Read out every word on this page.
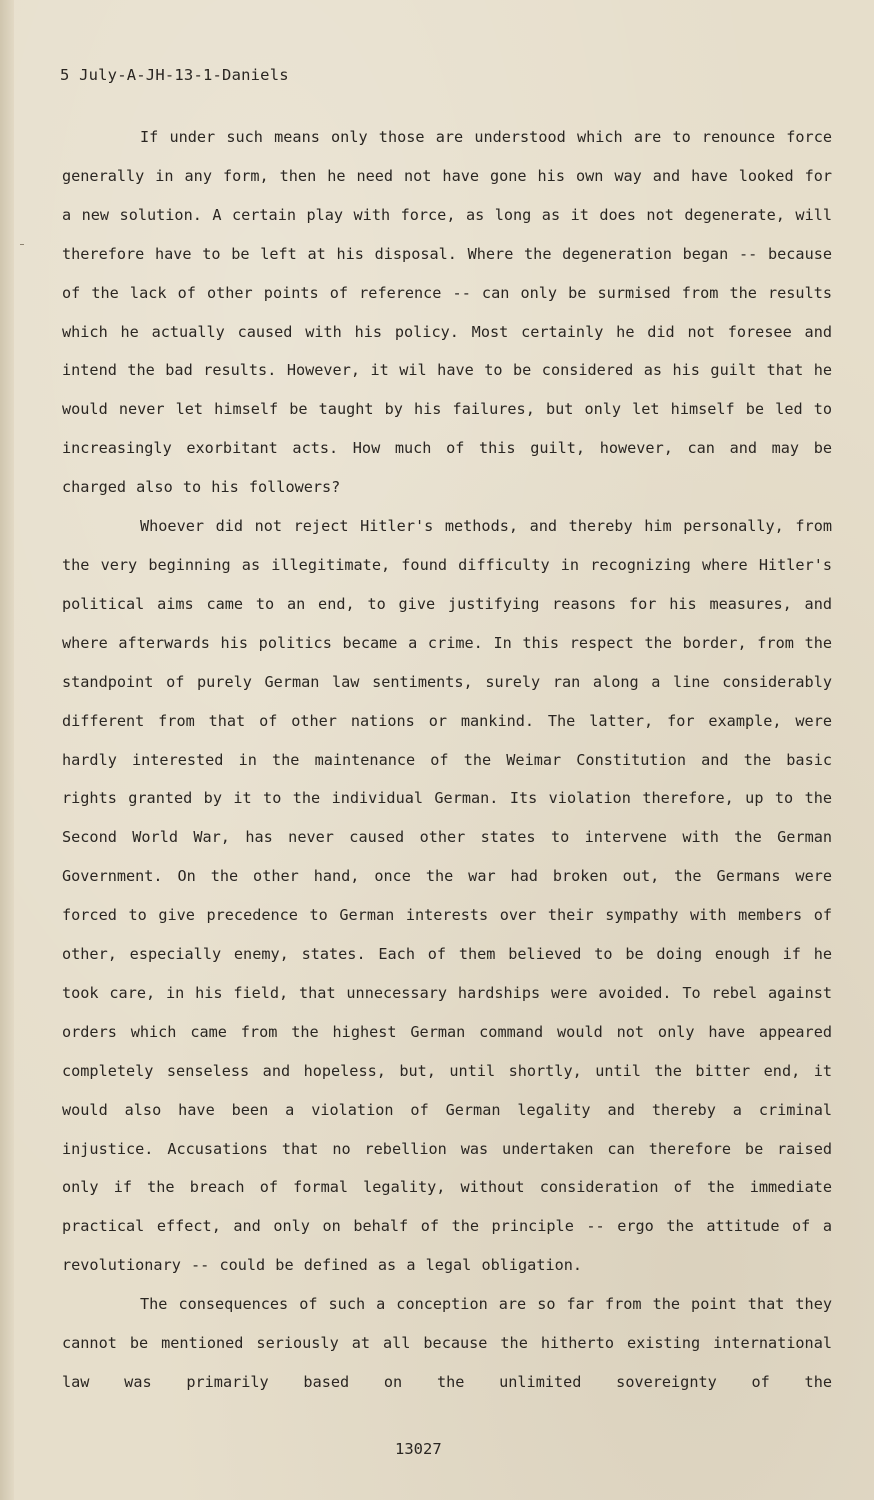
5 July-A-JH-13-1-Daniels

If under such means only those are understood which are to renounce force generally in any form, then he need not have gone his own way and have looked for a new solution. A certain play with force, as long as it does not degenerate, will therefore have to be left at his disposal. Where the degeneration began -- because of the lack of other points of reference -- can only be surmised from the results which he actually caused with his policy. Most certainly he did not foresee and intend the bad results. However, it wil have to be considered as his guilt that he would never let himself be taught by his failures, but only let himself be led to increasingly exorbitant acts. How much of this guilt, however, can and may be charged also to his followers?

Whoever did not reject Hitler's methods, and thereby him personally, from the very beginning as illegitimate, found difficulty in recognizing where Hitler's political aims came to an end, to give justifying reasons for his measures, and where afterwards his politics became a crime. In this respect the border, from the standpoint of purely German law sentiments, surely ran along a line considerably different from that of other nations or mankind. The latter, for example, were hardly interested in the maintenance of the Weimar Constitution and the basic rights granted by it to the individual German. Its violation therefore, up to the Second World War, has never caused other states to intervene with the German Government. On the other hand, once the war had broken out, the Germans were forced to give precedence to German interests over their sympathy with members of other, especially enemy, states. Each of them believed to be doing enough if he took care, in his field, that unnecessary hardships were avoided. To rebel against orders which came from the highest German command would not only have appeared completely senseless and hopeless, but, until shortly, until the bitter end, it would also have been a violation of German legality and thereby a criminal injustice. Accusations that no rebellion was undertaken can therefore be raised only if the breach of formal legality, without consideration of the immediate practical effect, and only on behalf of the principle -- ergo the attitude of a revolutionary -- could be defined as a legal obligation.

The consequences of such a conception are so far from the point that they cannot be mentioned seriously at all because the hitherto existing international law was primarily based on the unlimited sovereignty of the

13027
